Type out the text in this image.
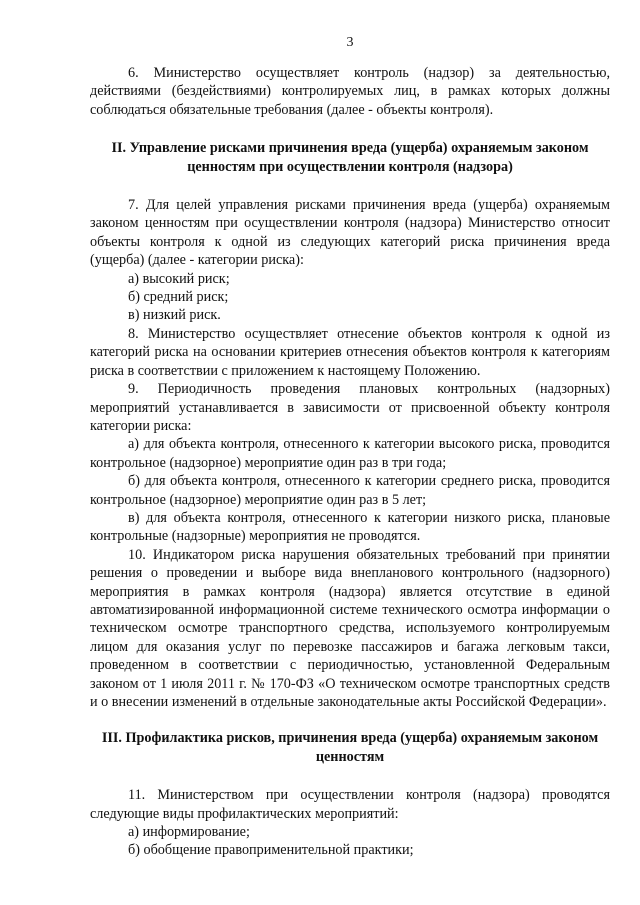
3

6. Министерство осуществляет контроль (надзор) за деятельностью, действиями (бездействиями) контролируемых лиц, в рамках которых должны соблюдаться обязательные требования (далее - объекты контроля).

II. Управление рисками причинения вреда (ущерба) охраняемым законом ценностям при осуществлении контроля (надзора)

7. Для целей управления рисками причинения вреда (ущерба) охраняемым законом ценностям при осуществлении контроля (надзора) Министерство относит объекты контроля к одной из следующих категорий риска причинения вреда (ущерба) (далее - категории риска):

а) высокий риск;

б) средний риск;

в) низкий риск.

8. Министерство осуществляет отнесение объектов контроля к одной из категорий риска на основании критериев отнесения объектов контроля к категориям риска в соответствии с приложением к настоящему Положению.

9. Периодичность проведения плановых контрольных (надзорных) мероприятий устанавливается в зависимости от присвоенной объекту контроля категории риска:

а) для объекта контроля, отнесенного к категории высокого риска, проводится контрольное (надзорное) мероприятие один раз в три года;

б) для объекта контроля, отнесенного к категории среднего риска, проводится контрольное (надзорное) мероприятие один раз в 5 лет;

в) для объекта контроля, отнесенного к категории низкого риска, плановые контрольные (надзорные) мероприятия не проводятся.

10. Индикатором риска нарушения обязательных требований при принятии решения о проведении и выборе вида внепланового контрольного (надзорного) мероприятия в рамках контроля (надзора) является отсутствие в единой автоматизированной информационной системе технического осмотра информации о техническом осмотре транспортного средства, используемого контролируемым лицом для оказания услуг по перевозке пассажиров и багажа легковым такси, проведенном в соответствии с периодичностью, установленной Федеральным законом от 1 июля 2011 г. № 170-ФЗ «О техническом осмотре транспортных средств и о внесении изменений в отдельные законодательные акты Российской Федерации».

III. Профилактика рисков, причинения вреда (ущерба) охраняемым законом ценностям

11. Министерством при осуществлении контроля (надзора) проводятся следующие виды профилактических мероприятий:

а) информирование;

б) обобщение правоприменительной практики;
